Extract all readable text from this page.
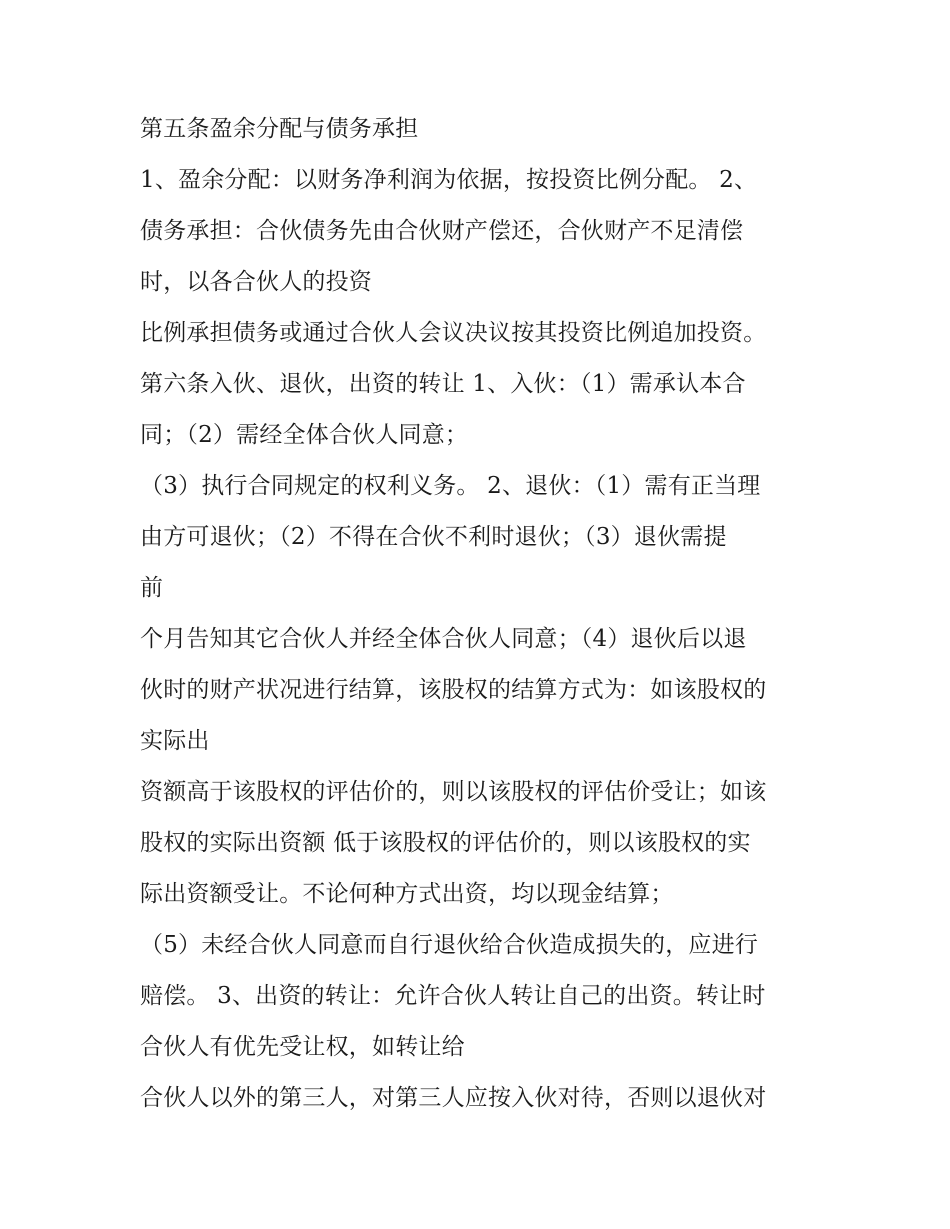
第五条盈余分配与债务承担
1、盈余分配：以财务净利润为依据，按投资比例分配。 2、
债务承担：合伙债务先由合伙财产偿还，合伙财产不足清偿
时，以各合伙人的投资
比例承担债务或通过合伙人会议决议按其投资比例追加投资。
第六条入伙、退伙，出资的转让 1、入伙：（1）需承认本合
同；（2）需经全体合伙人同意；
（3）执行合同规定的权利义务。 2、退伙：（1）需有正当理
由方可退伙；（2）不得在合伙不利时退伙；（3）退伙需提
前
个月告知其它合伙人并经全体合伙人同意；（4）退伙后以退
伙时的财产状况进行结算，该股权的结算方式为：如该股权的
实际出
资额高于该股权的评估价的，则以该股权的评估价受让；如该
股权的实际出资额 低于该股权的评估价的，则以该股权的实
际出资额受让。不论何种方式出资，均以现金结算；
（5）未经合伙人同意而自行退伙给合伙造成损失的，应进行
赔偿。 3、出资的转让：允许合伙人转让自己的出资。转让时
合伙人有优先受让权，如转让给
合伙人以外的第三人，对第三人应按入伙对待，否则以退伙对
